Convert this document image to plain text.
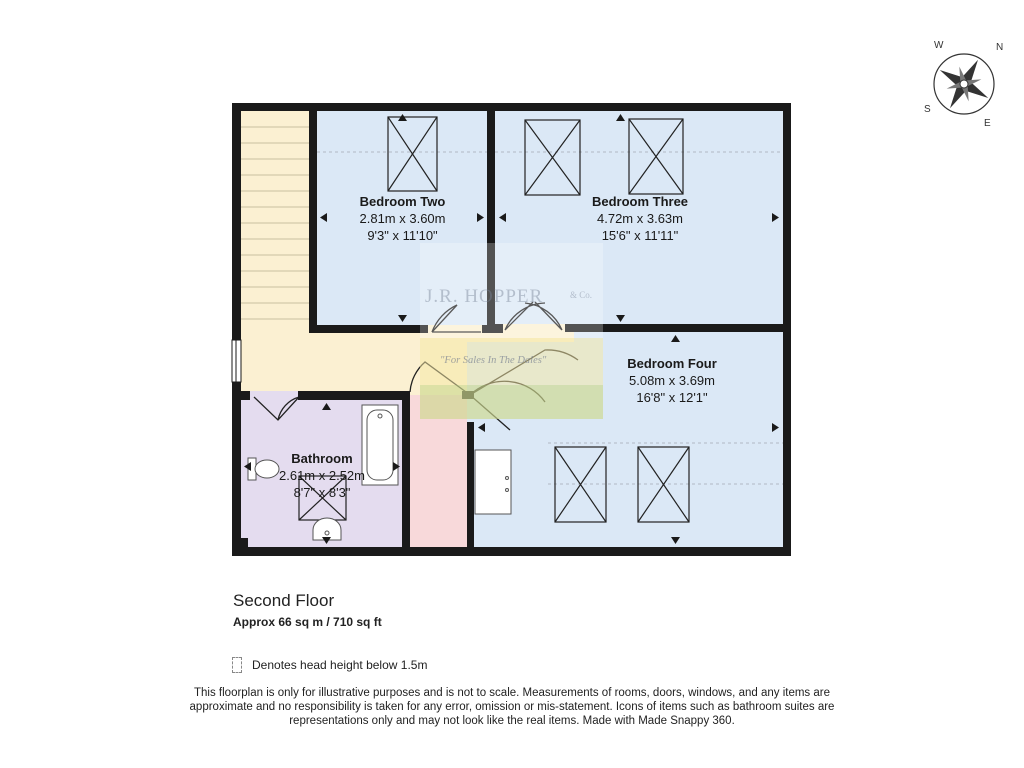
N
S
E
W
J.R. HOPPER	& Co.
"For Sales In The Dales"
Bedroom Two
2.81m x 3.60m
9'3" x 11'10"
Bedroom Three
4.72m x 3.63m
15'6" x 11'11"
Bedroom Four
5.08m x 3.69m
16'8" x 12'1"
Bathroom
2.61m x 2.52m
8'7" x 8'3"
Second Floor
Approx 66 sq m / 710 sq ft
Denotes head height below 1.5m
This floorplan is only for illustrative purposes and is not to scale. Measurements of rooms, doors, windows, and any items are approximate and no responsibility is taken for any error, omission or mis-statement. Icons of items such as bathroom suites are representations only and may not look like the real items. Made with Made Snappy 360.
